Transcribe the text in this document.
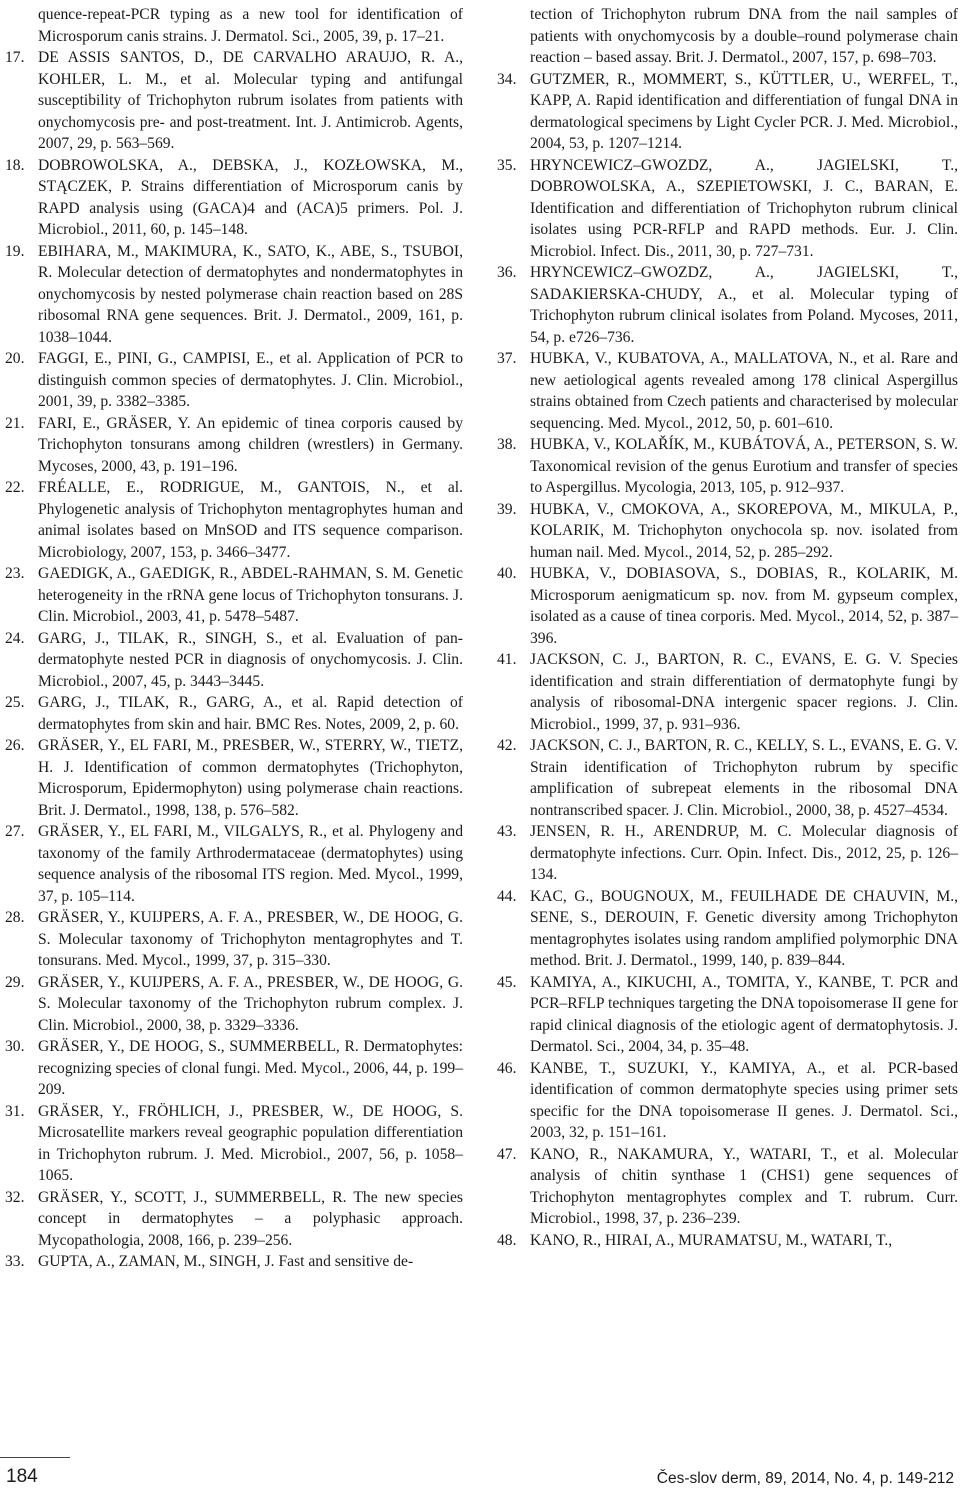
quence-repeat-PCR typing as a new tool for identification of Microsporum canis strains. J. Dermatol. Sci., 2005, 39, p. 17–21.
17. DE ASSIS SANTOS, D., DE CARVALHO ARAUJO, R. A., KOHLER, L. M., et al. Molecular typing and antifungal susceptibility of Trichophyton rubrum isolates from patients with onychomycosis pre- and post-treatment. Int. J. Antimicrob. Agents, 2007, 29, p. 563–569.
18. DOBROWOLSKA, A., DEBSKA, J., KOZŁOWSKA, M., STĄCZEK, P. Strains differentiation of Microsporum canis by RAPD analysis using (GACA)4 and (ACA)5 primers. Pol. J. Microbiol., 2011, 60, p. 145–148.
19. EBIHARA, M., MAKIMURA, K., SATO, K., ABE, S., TSUBOI, R. Molecular detection of dermatophytes and nondermatophytes in onychomycosis by nested polymerase chain reaction based on 28S ribosomal RNA gene sequences. Brit. J. Dermatol., 2009, 161, p. 1038–1044.
20. FAGGI, E., PINI, G., CAMPISI, E., et al. Application of PCR to distinguish common species of dermatophytes. J. Clin. Microbiol., 2001, 39, p. 3382–3385.
21. FARI, E., GRÄSER, Y. An epidemic of tinea corporis caused by Trichophyton tonsurans among children (wrestlers) in Germany. Mycoses, 2000, 43, p. 191–196.
22. FRÉALLE, E., RODRIGUE, M., GANTOIS, N., et al. Phylogenetic analysis of Trichophyton mentagrophytes human and animal isolates based on MnSOD and ITS sequence comparison. Microbiology, 2007, 153, p. 3466–3477.
23. GAEDIGK, A., GAEDIGK, R., ABDEL-RAHMAN, S. M. Genetic heterogeneity in the rRNA gene locus of Trichophyton tonsurans. J. Clin. Microbiol., 2003, 41, p. 5478–5487.
24. GARG, J., TILAK, R., SINGH, S., et al. Evaluation of pan-dermatophyte nested PCR in diagnosis of onychomycosis. J. Clin. Microbiol., 2007, 45, p. 3443–3445.
25. GARG, J., TILAK, R., GARG, A., et al. Rapid detection of dermatophytes from skin and hair. BMC Res. Notes, 2009, 2, p. 60.
26. GRÄSER, Y., EL FARI, M., PRESBER, W., STERRY, W., TIETZ, H. J. Identification of common dermatophytes (Trichophyton, Microsporum, Epidermophyton) using polymerase chain reactions. Brit. J. Dermatol., 1998, 138, p. 576–582.
27. GRÄSER, Y., EL FARI, M., VILGALYS, R., et al. Phylogeny and taxonomy of the family Arthrodermataceae (dermatophytes) using sequence analysis of the ribosomal ITS region. Med. Mycol., 1999, 37, p. 105–114.
28. GRÄSER, Y., KUIJPERS, A. F. A., PRESBER, W., DE HOOG, G. S. Molecular taxonomy of Trichophyton mentagrophytes and T. tonsurans. Med. Mycol., 1999, 37, p. 315–330.
29. GRÄSER, Y., KUIJPERS, A. F. A., PRESBER, W., DE HOOG, G. S. Molecular taxonomy of the Trichophyton rubrum complex. J. Clin. Microbiol., 2000, 38, p. 3329–3336.
30. GRÄSER, Y., DE HOOG, S., SUMMERBELL, R. Dermatophytes: recognizing species of clonal fungi. Med. Mycol., 2006, 44, p. 199–209.
31. GRÄSER, Y., FRÖHLICH, J., PRESBER, W., DE HOOG, S. Microsatellite markers reveal geographic population differentiation in Trichophyton rubrum. J. Med. Microbiol., 2007, 56, p. 1058–1065.
32. GRÄSER, Y., SCOTT, J., SUMMERBELL, R. The new species concept in dermatophytes – a polyphasic approach. Mycopathologia, 2008, 166, p. 239–256.
33. GUPTA, A., ZAMAN, M., SINGH, J. Fast and sensitive de-
tection of Trichophyton rubrum DNA from the nail samples of patients with onychomycosis by a double–round polymerase chain reaction – based assay. Brit. J. Dermatol., 2007, 157, p. 698–703.
34. GUTZMER, R., MOMMERT, S., KÜTTLER, U., WERFEL, T., KAPP, A. Rapid identification and differentiation of fungal DNA in dermatological specimens by Light Cycler PCR. J. Med. Microbiol., 2004, 53, p. 1207–1214.
35. HRYNCEWICZ–GWOZDZ, A., JAGIELSKI, T., DOBROWOLSKA, A., SZEPIETOWSKI, J. C., BARAN, E. Identification and differentiation of Trichophyton rubrum clinical isolates using PCR-RFLP and RAPD methods. Eur. J. Clin. Microbiol. Infect. Dis., 2011, 30, p. 727–731.
36. HRYNCEWICZ–GWOZDZ, A., JAGIELSKI, T., SADAKIERSKA-CHUDY, A., et al. Molecular typing of Trichophyton rubrum clinical isolates from Poland. Mycoses, 2011, 54, p. e726–736.
37. HUBKA, V., KUBATOVA, A., MALLATOVA, N., et al. Rare and new aetiological agents revealed among 178 clinical Aspergillus strains obtained from Czech patients and characterised by molecular sequencing. Med. Mycol., 2012, 50, p. 601–610.
38. HUBKA, V., KOLAŘÍK, M., KUBÁTOVÁ, A., PETERSON, S. W. Taxonomical revision of the genus Eurotium and transfer of species to Aspergillus. Mycologia, 2013, 105, p. 912–937.
39. HUBKA, V., CMOKOVA, A., SKOREPOVA, M., MIKULA, P., KOLARIK, M. Trichophyton onychocola sp. nov. isolated from human nail. Med. Mycol., 2014, 52, p. 285–292.
40. HUBKA, V., DOBIASOVA, S., DOBIAS, R., KOLARIK, M. Microsporum aenigmaticum sp. nov. from M. gypseum complex, isolated as a cause of tinea corporis. Med. Mycol., 2014, 52, p. 387–396.
41. JACKSON, C. J., BARTON, R. C., EVANS, E. G. V. Species identification and strain differentiation of dermatophyte fungi by analysis of ribosomal-DNA intergenic spacer regions. J. Clin. Microbiol., 1999, 37, p. 931–936.
42. JACKSON, C. J., BARTON, R. C., KELLY, S. L., EVANS, E. G. V. Strain identification of Trichophyton rubrum by specific amplification of subrepeat elements in the ribosomal DNA nontranscribed spacer. J. Clin. Microbiol., 2000, 38, p. 4527–4534.
43. JENSEN, R. H., ARENDRUP, M. C. Molecular diagnosis of dermatophyte infections. Curr. Opin. Infect. Dis., 2012, 25, p. 126–134.
44. KAC, G., BOUGNOUX, M., FEUILHADE DE CHAUVIN, M., SENE, S., DEROUIN, F. Genetic diversity among Trichophyton mentagrophytes isolates using random amplified polymorphic DNA method. Brit. J. Dermatol., 1999, 140, p. 839–844.
45. KAMIYA, A., KIKUCHI, A., TOMITA, Y., KANBE, T. PCR and PCR–RFLP techniques targeting the DNA topoisomerase II gene for rapid clinical diagnosis of the etiologic agent of dermatophytosis. J. Dermatol. Sci., 2004, 34, p. 35–48.
46. KANBE, T., SUZUKI, Y., KAMIYA, A., et al. PCR-based identification of common dermatophyte species using primer sets specific for the DNA topoisomerase II genes. J. Dermatol. Sci., 2003, 32, p. 151–161.
47. KANO, R., NAKAMURA, Y., WATARI, T., et al. Molecular analysis of chitin synthase 1 (CHS1) gene sequences of Trichophyton mentagrophytes complex and T. rubrum. Curr. Microbiol., 1998, 37, p. 236–239.
48. KANO, R., HIRAI, A., MURAMATSU, M., WATARI, T.,
184	Čes-slov derm, 89, 2014, No. 4, p. 149-212
